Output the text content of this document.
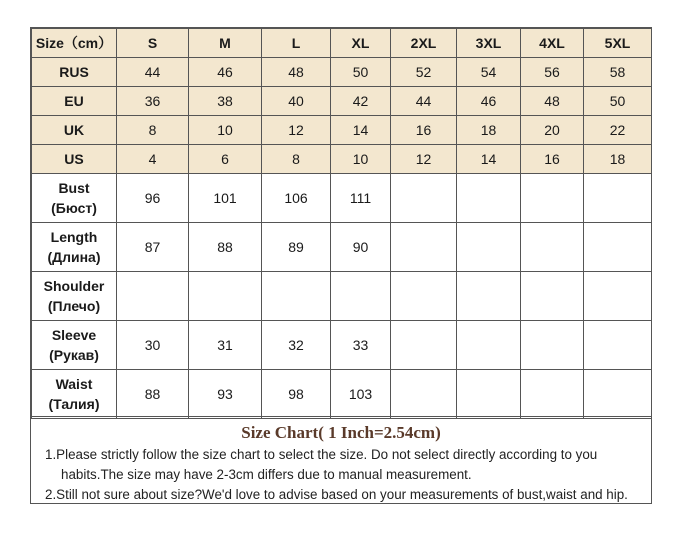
Size（cm）	S	M	L	XL	2XL	3XL	4XL	5XL
RUS	44	46	48	50	52	54	56	58
EU	36	38	40	42	44	46	48	50
UK	8	10	12	14	16	18	20	22
US	4	6	8	10	12	14	16	18

Bust
(Бюст)	96	101	106	111				

Length
(Длина)	87	88	89	90				

Shoulder
(Плечо)								

Sleeve
(Рукав)	30	31	32	33				

Waist
(Талия)	88	93	98	103				
Size Chart( 1 Inch=2.54cm)
1.Please strictly follow the size chart to select the size. Do not select directly according to you
habits.The size may have 2-3cm differs due to manual measurement.
2.Still not sure about size?We'd love to advise based on your measurements of bust,waist and hip.
